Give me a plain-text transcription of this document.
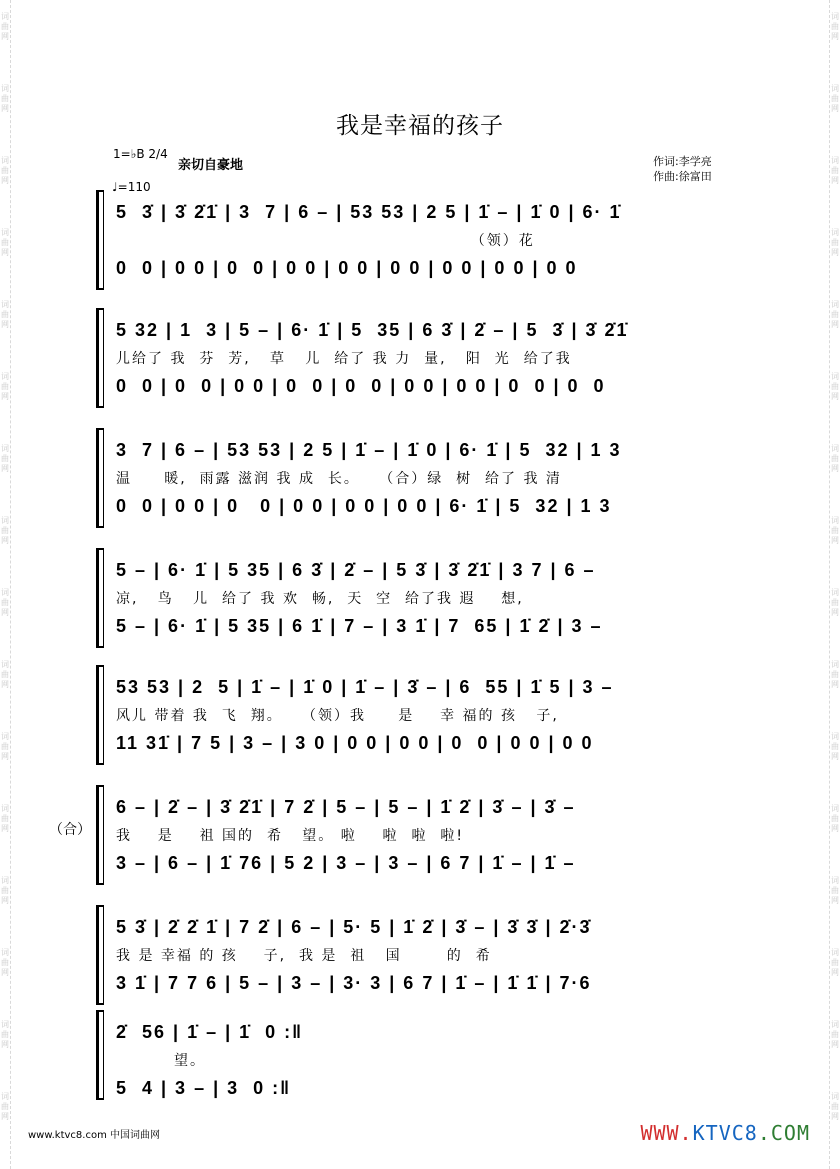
我是幸福的孩子
1=♭B 2/4
♩=110
亲切自豪地	作词:李学亮
作曲:徐富田
5  3̇ | 3̇ 2̇1̇ | 3  7 | 6 – | 53 53 | 2 5 | 1̇ – | 1̇ 0 | 6· 1̇
（领）花
0  0 | 0 0 | 0  0 | 0 0 | 0 0 | 0 0 | 0 0 | 0 0 | 0 0
5 32 | 1  3 | 5 – | 6· 1̇ | 5  35 | 6 3̇ | 2̇ – | 5  3̇ | 3̇ 2̇1̇
儿给了 我  芬  芳,   草   儿  给了 我 力  量,   阳  光  给了我
0  0 | 0  0 | 0 0 | 0  0 | 0  0 | 0 0 | 0 0 | 0  0 | 0  0
3  7 | 6 – | 53 53 | 2 5 | 1̇ – | 1̇ 0 | 6· 1̇ | 5  32 | 1 3
温     暖,  雨露 滋润 我 成  长。   （合）绿  树  给了 我 清
0  0 | 0 0 | 0   0 | 0 0 | 0 0 | 0 0 | 6· 1̇ | 5  32 | 1 3
5 – | 6· 1̇ | 5 35 | 6 3̇ | 2̇ – | 5 3̇ | 3̇ 2̇1̇ | 3 7 | 6 –
凉,   鸟   儿  给了 我 欢  畅,  天  空  给了我 遐    想,
5 – | 6· 1̇ | 5 35 | 6 1̇ | 7 – | 3 1̇ | 7  65 | 1̇ 2̇ | 3 –
53 53 | 2  5 | 1̇ – | 1̇ 0 | 1̇ – | 3̇ – | 6  55 | 1̇ 5 | 3 –
风儿 带着 我  飞  翔。   （领）我     是    幸 福的 孩   子,
11 31̇ | 7 5 | 3 – | 3 0 | 0 0 | 0 0 | 0  0 | 0 0 | 0 0
6 – | 2̇ – | 3̇ 2̇1̇ | 7 2̇ | 5 – | 5 – | 1̇ 2̇ | 3̇ – | 3̇ –
我    是    祖 国的  希   望。 啦    啦  啦  啦!
3 – | 6 – | 1̇ 76 | 5 2 | 3 – | 3 – | 6 7 | 1̇ – | 1̇ –
5 3̇ | 2̇ 2̇ 1̇ | 7 2̇ | 6 – | 5· 5 | 1̇ 2̇ | 3̇ – | 3̇ 3̇ | 2̇·3̇
我 是 幸福 的 孩    子,  我 是  祖   国       的  希
3 1̇ | 7 7 6 | 5 – | 3 – | 3· 3 | 6 7 | 1̇ – | 1̇ 1̇ | 7·6
2̇  56 | 1̇ – | 1̇  0 :‖
望。
5  4 | 3 – | 3  0 :‖
（合）
www.ktvc8.com 中国词曲网	WWW.KTVC8.COM
词曲网
词曲网
词曲网
词曲网
词曲网
词曲网
词曲网
词曲网
词曲网
词曲网
词曲网
词曲网
词曲网
词曲网
词曲网
词曲网
词曲网
词曲网
词曲网
词曲网
词曲网
词曲网
词曲网
词曲网
词曲网
词曲网
词曲网
词曲网
词曲网
词曲网
词曲网
词曲网
